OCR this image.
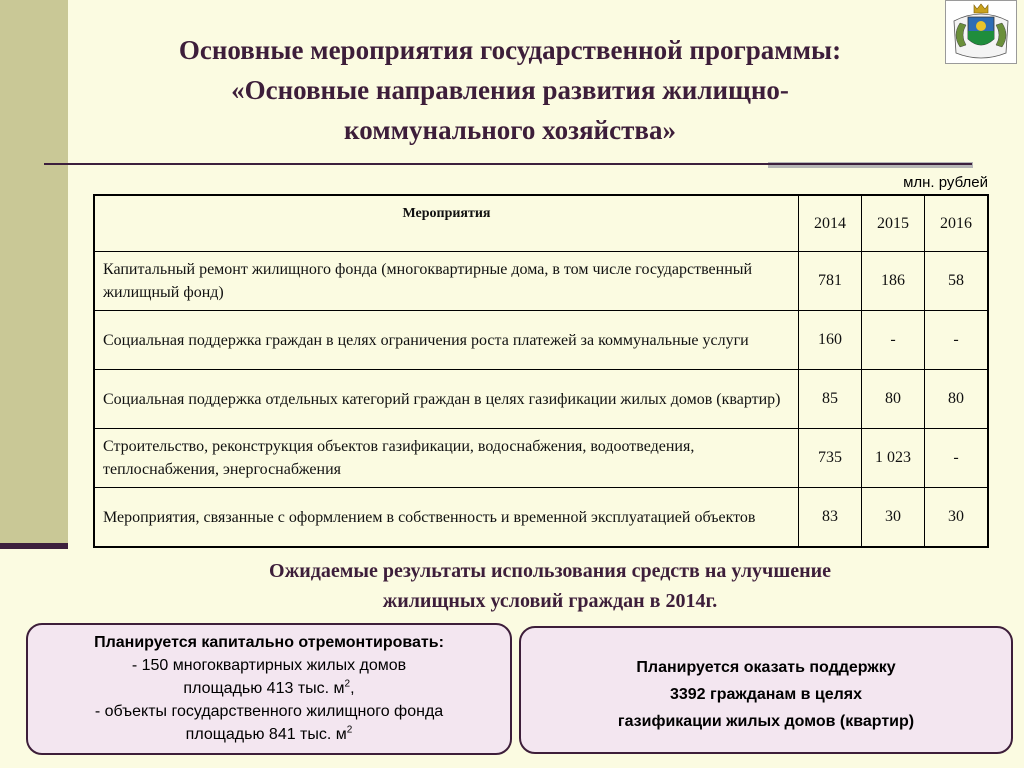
Основные мероприятия государственной программы:
«Основные направления развития жилищно-
коммунального хозяйства»
млн. рублей
Мероприятия	2014	2015	2016
Капитальный ремонт жилищного фонда (многоквартирные дома, в том числе государственный жилищный фонд)	781	186	58
Социальная поддержка граждан в целях ограничения роста платежей за коммунальные услуги	160	-	-
Социальная поддержка отдельных категорий граждан в целях газификации жилых домов (квартир)	85	80	80
Строительство, реконструкция объектов газификации, водоснабжения, водоотведения, теплоснабжения, энергоснабжения	735	1 023	-
Мероприятия, связанные с оформлением в собственность и временной эксплуатацией объектов	83	30	30
Ожидаемые результаты использования средств на улучшение
жилищных условий граждан в 2014г.
Планируется капитально отремонтировать:
- 150 многоквартирных жилых домов
площадью 413 тыс. $м^2$,
- объекты государственного жилищного фонда
площадью 841 тыс. $м^2$
Планируется оказать поддержку
3392 гражданам в целях
газификации жилых домов (квартир)
